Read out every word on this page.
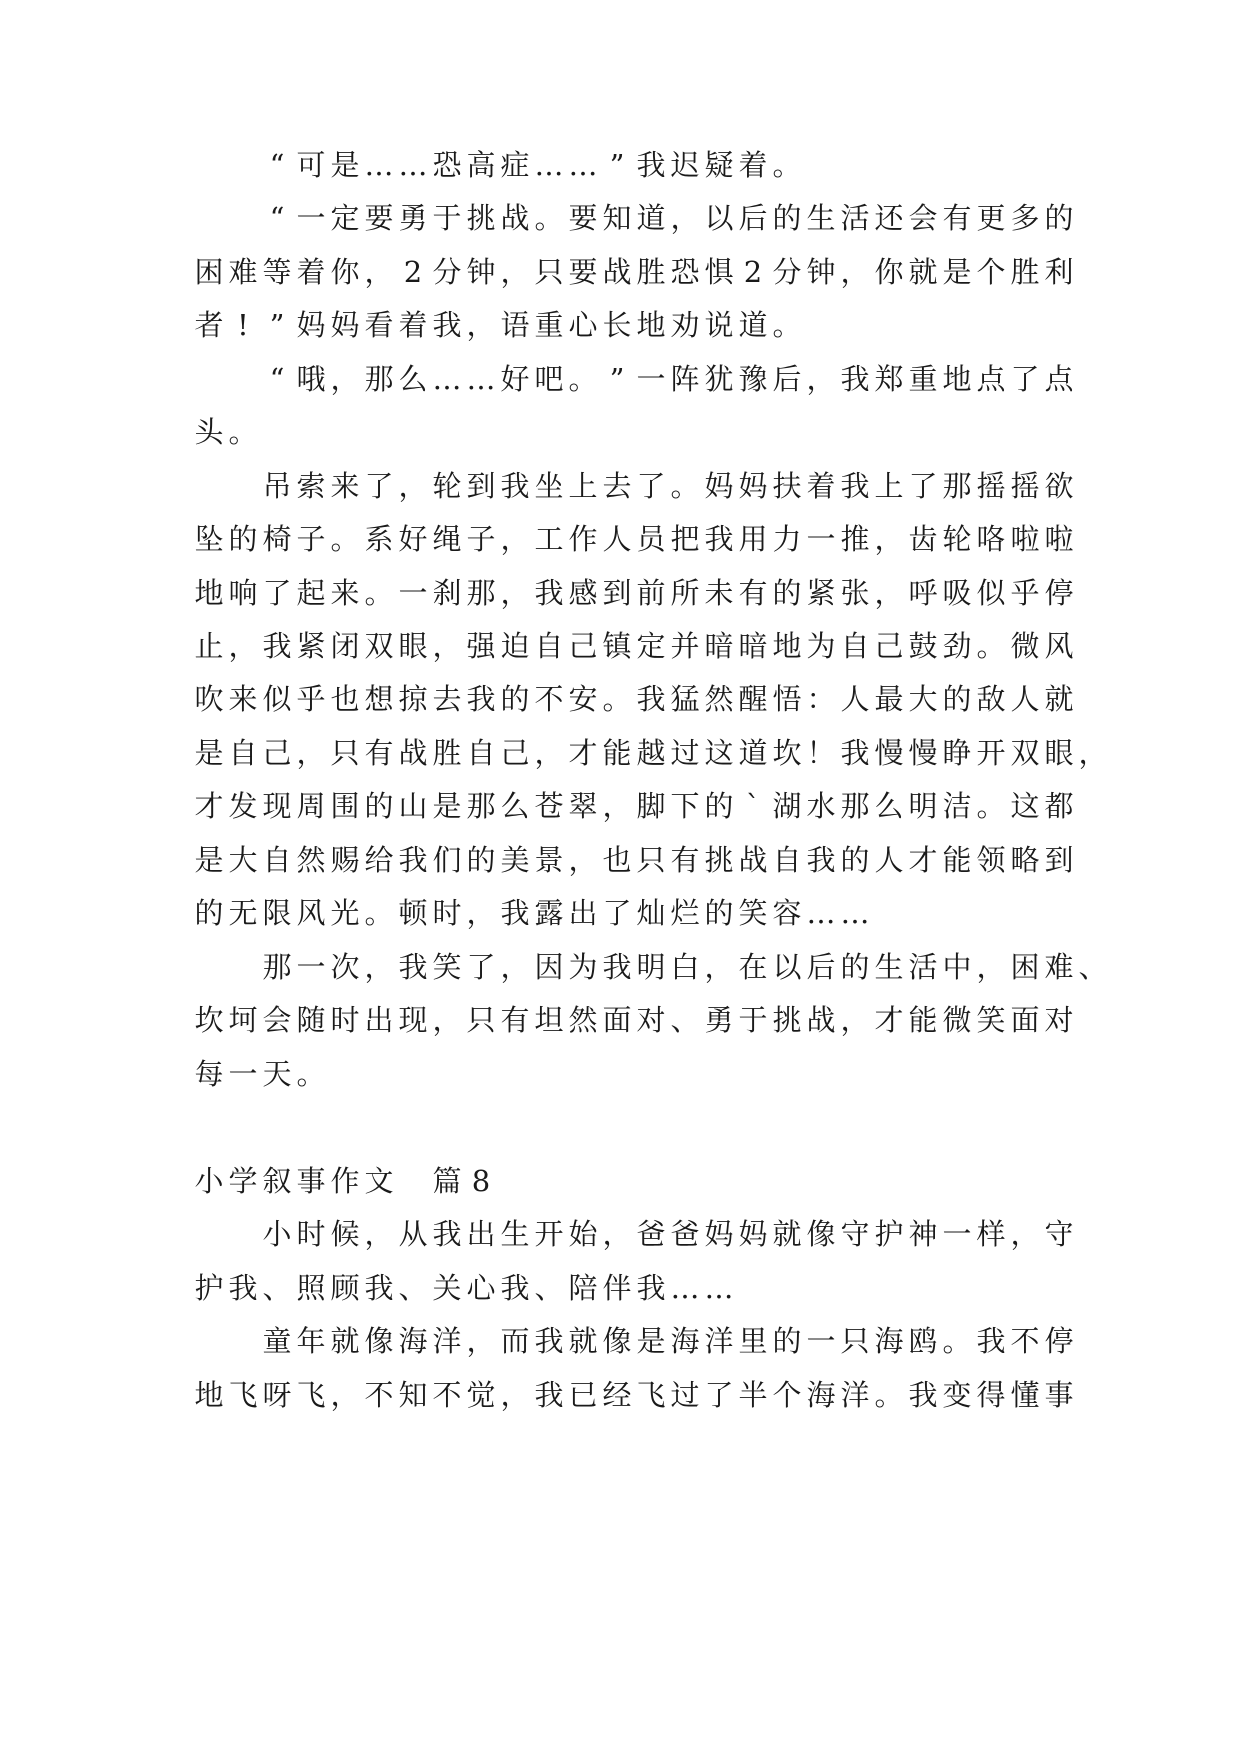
“ 可 是 … … 恐 高 症 … … ” 我 迟 疑 着 。

“ 一 定 要 勇 于 挑 战 。 要 知 道 ， 以 后 的 生 活 还 会 有 更 多 的
困 难 等 着 你 ， 2 分 钟 ， 只 要 战 胜 恐 惧 2 分 钟 ， 你 就 是 个 胜 利
者 ! ” 妈 妈 看 着 我 ， 语 重 心 长 地 劝 说 道 。

“ 哦 ， 那 么 … … 好 吧 。 ” 一 阵 犹 豫 后 ， 我 郑 重 地 点 了 点
头 。

吊 索 来 了 ， 轮 到 我 坐 上 去 了 。 妈 妈 扶 着 我 上 了 那 摇 摇 欲
坠 的 椅 子 。 系 好 绳 子 ， 工 作 人 员 把 我 用 力 一 推 ， 齿 轮 咯 啦 啦
地 响 了 起 来 。 一 刹 那 ， 我 感 到 前 所 未 有 的 紧 张 ， 呼 吸 似 乎 停
止 ， 我 紧 闭 双 眼 ， 强 迫 自 己 镇 定 并 暗 暗 地 为 自 己 鼓 劲 。 微 风
吹 来 似 乎 也 想 掠 去 我 的 不 安 。 我 猛 然 醒 悟 ： 人 最 大 的 敌 人 就
是 自 己 ， 只 有 战 胜 自 己 ， 才 能 越 过 这 道 坎 ！ 我 慢 慢 睁 开 双 眼 ，
才 发 现 周 围 的 山 是 那 么 苍 翠 ， 脚 下 的 ` 湖 水 那 么 明 洁 。 这 都
是 大 自 然 赐 给 我 们 的 美 景 ， 也 只 有 挑 战 自 我 的 人 才 能 领 略 到
的 无 限 风 光 。 顿 时 ， 我 露 出 了 灿 烂 的 笑 容 … …

那 一 次 ， 我 笑 了 ， 因 为 我 明 白 ， 在 以 后 的 生 活 中 ， 困 难 、
坎 坷 会 随 时 出 现 ， 只 有 坦 然 面 对 、 勇 于 挑 战 ， 才 能 微 笑 面 对
每 一 天 。
小 学 叙 事 作 文
篇 8

小 时 候 ， 从 我 出 生 开 始 ， 爸 爸 妈 妈 就 像 守 护 神 一 样 ， 守
护 我 、 照 顾 我 、 关 心 我 、 陪 伴 我 … …

童 年 就 像 海 洋 ， 而 我 就 像 是 海 洋 里 的 一 只 海 鸥 。 我 不 停
地 飞 呀 飞 ， 不 知 不 觉 ， 我 已 经 飞 过 了 半 个 海 洋 。 我 变 得 懂 事
